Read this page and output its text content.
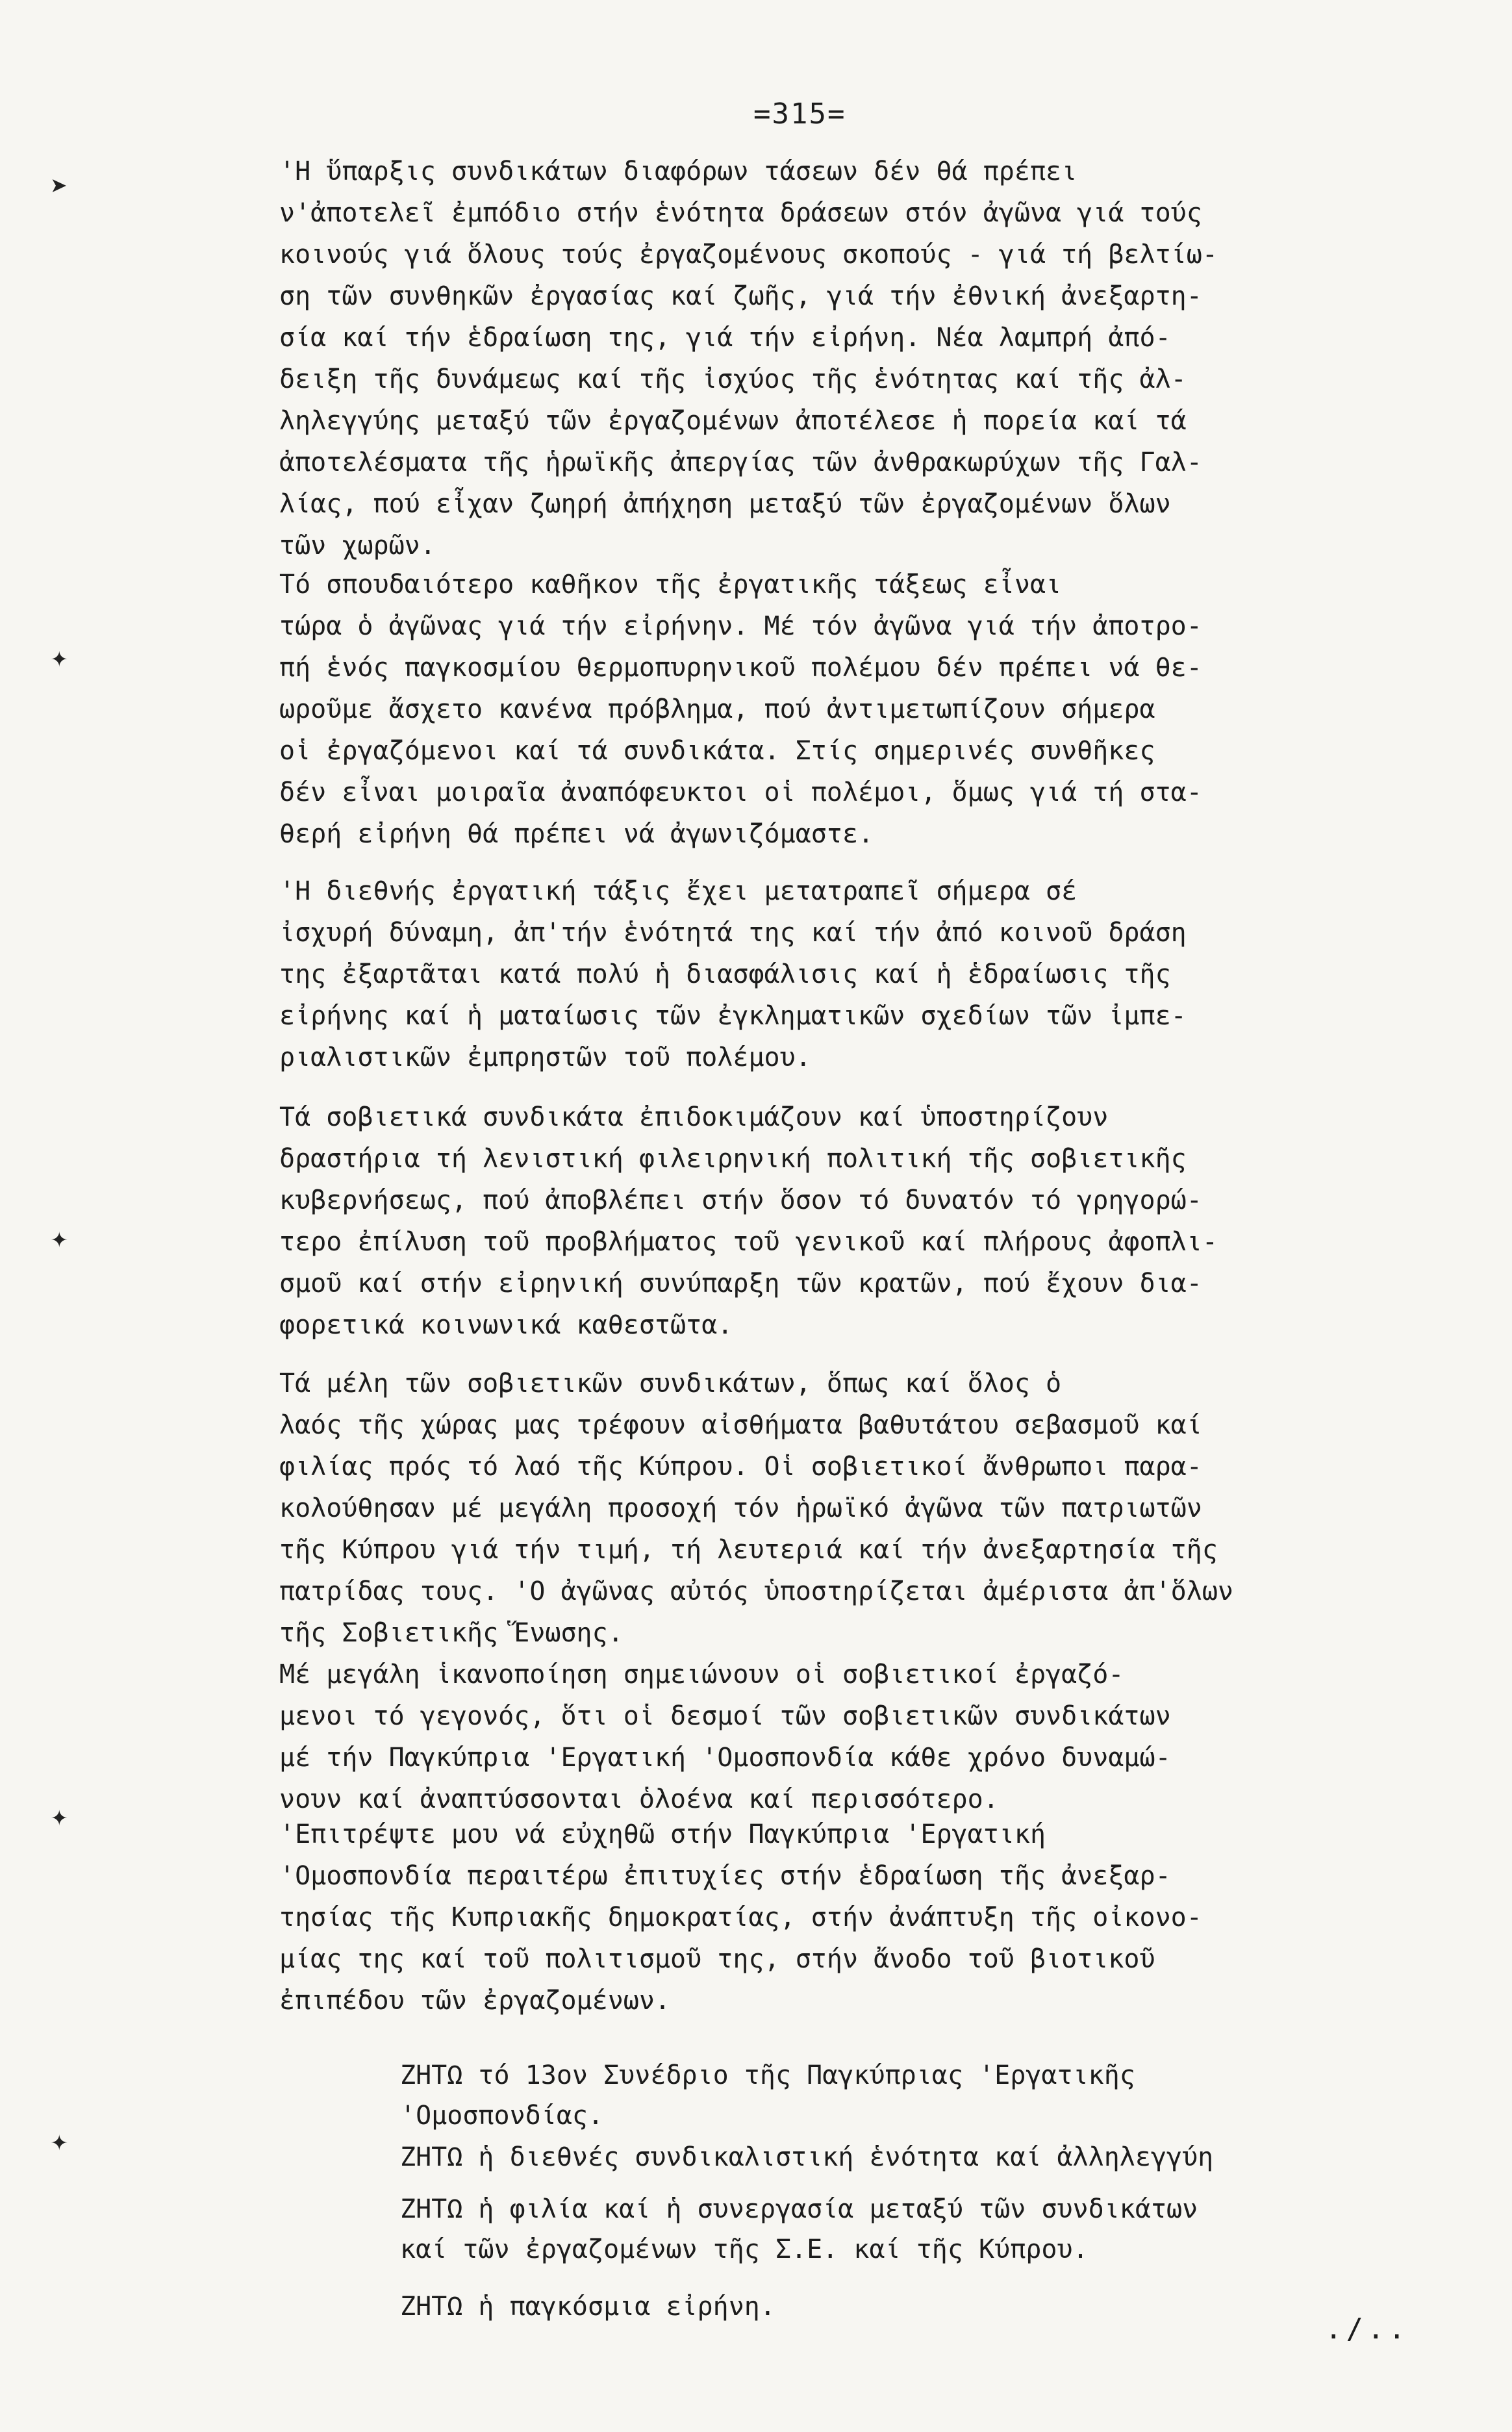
=315=
➤
✦
✦
✦
✦

'Η ὕπαρξις συνδικάτων διαφόρων τάσεων δέν θά πρέπει
ν'ἀποτελεῖ ἐμπόδιο στήν ἑνότητα δράσεων στόν ἀγῶνα γιά τούς
κοινούς γιά ὅλους τούς ἐργαζομένους σκοπούς - γιά τή βελτίω-
ση τῶν συνθηκῶν ἐργασίας καί ζωῆς, γιά τήν ἐθνική ἀνεξαρτη-
σία καί τήν ἑδραίωση της, γιά τήν εἰρήνη. Νέα λαμπρή ἀπό-
δειξη τῆς δυνάμεως καί τῆς ἰσχύος τῆς ἑνότητας καί τῆς ἀλ-
ληλεγγύης μεταξύ τῶν ἐργαζομένων ἀποτέλεσε ἡ πορεία καί τά
ἀποτελέσματα τῆς ἡρωϊκῆς ἀπεργίας τῶν ἀνθρακωρύχων τῆς Γαλ-
λίας, πού εἶχαν ζωηρή ἀπήχηση μεταξύ τῶν ἐργαζομένων ὅλων
τῶν χωρῶν.

Τό σπουδαιότερο καθῆκον τῆς ἐργατικῆς τάξεως εἶναι
τώρα ὁ ἀγῶνας γιά τήν εἰρήνην. Μέ τόν ἀγῶνα γιά τήν ἀποτρο-
πή ἑνός παγκοσμίου θερμοπυρηνικοῦ πολέμου δέν πρέπει νά θε-
ωροῦμε ἄσχετο κανένα πρόβλημα, πού ἀντιμετωπίζουν σήμερα
οἱ ἐργαζόμενοι καί τά συνδικάτα. Στίς σημερινές συνθῆκες
δέν εἶναι μοιραῖα ἀναπόφευκτοι οἱ πολέμοι, ὅμως γιά τή στα-
θερή εἰρήνη θά πρέπει νά ἀγωνιζόμαστε.

'Η διεθνής ἐργατική τάξις ἔχει μετατραπεῖ σήμερα σέ
ἰσχυρή δύναμη, ἀπ'τήν ἑνότητά της καί τήν ἀπό κοινοῦ δράση
της ἐξαρτᾶται κατά πολύ ἡ διασφάλισις καί ἡ ἑδραίωσις τῆς
εἰρήνης καί ἡ ματαίωσις τῶν ἐγκληματικῶν σχεδίων τῶν ἰμπε-
ριαλιστικῶν ἐμπρηστῶν τοῦ πολέμου.

Τά σοβιετικά συνδικάτα ἐπιδοκιμάζουν καί ὑποστηρίζουν
δραστήρια τή λενιστική φιλειρηνική πολιτική τῆς σοβιετικῆς
κυβερνήσεως, πού ἀποβλέπει στήν ὅσον τό δυνατόν τό γρηγορώ-
τερο ἐπίλυση τοῦ προβλήματος τοῦ γενικοῦ καί πλήρους ἀφοπλι-
σμοῦ καί στήν εἰρηνική συνύπαρξη τῶν κρατῶν, πού ἔχουν δια-
φορετικά κοινωνικά καθεστῶτα.

Τά μέλη τῶν σοβιετικῶν συνδικάτων, ὅπως καί ὅλος ὁ
λαός τῆς χώρας μας τρέφουν αἰσθήματα βαθυτάτου σεβασμοῦ καί
φιλίας πρός τό λαό τῆς Κύπρου. Οἱ σοβιετικοί ἄνθρωποι παρα-
κολούθησαν μέ μεγάλη προσοχή τόν ἡρωϊκό ἀγῶνα τῶν πατριωτῶν
τῆς Κύπρου γιά τήν τιμή, τή λευτεριά καί τήν ἀνεξαρτησία τῆς
πατρίδας τους. 'Ο ἀγῶνας αὐτός ὑποστηρίζεται ἀμέριστα ἀπ'ὅλων
τῆς Σοβιετικῆς Ἕνωσης.
Μέ μεγάλη ἱκανοποίηση σημειώνουν οἱ σοβιετικοί ἐργαζό-
μενοι τό γεγονός, ὅτι οἱ δεσμοί τῶν σοβιετικῶν συνδικάτων
μέ τήν Παγκύπρια 'Εργατική 'Ομοσπονδία κάθε χρόνο δυναμώ-
νουν καί ἀναπτύσσονται ὁλοένα καί περισσότερο.

'Επιτρέψτε μου νά εὐχηθῶ στήν Παγκύπρια 'Εργατική
'Ομοσπονδία περαιτέρω ἐπιτυχίες στήν ἑδραίωση τῆς ἀνεξαρ-
τησίας τῆς Κυπριακῆς δημοκρατίας, στήν ἀνάπτυξη τῆς οἰκονο-
μίας της καί τοῦ πολιτισμοῦ της, στήν ἄνοδο τοῦ βιοτικοῦ
ἐπιπέδου τῶν ἐργαζομένων.

ΖΗΤΩ τό 13ον Συνέδριο τῆς Παγκύπριας 'Εργατικῆς
'Ομοσπονδίας.

ΖΗΤΩ ἡ διεθνές συνδικαλιστική ἑνότητα καί ἀλληλεγγύη

ΖΗΤΩ ἡ φιλία καί ἡ συνεργασία μεταξύ τῶν συνδικάτων
καί τῶν ἐργαζομένων τῆς Σ.Ε. καί τῆς Κύπρου.

ΖΗΤΩ ἡ παγκόσμια εἰρήνη.

./..
